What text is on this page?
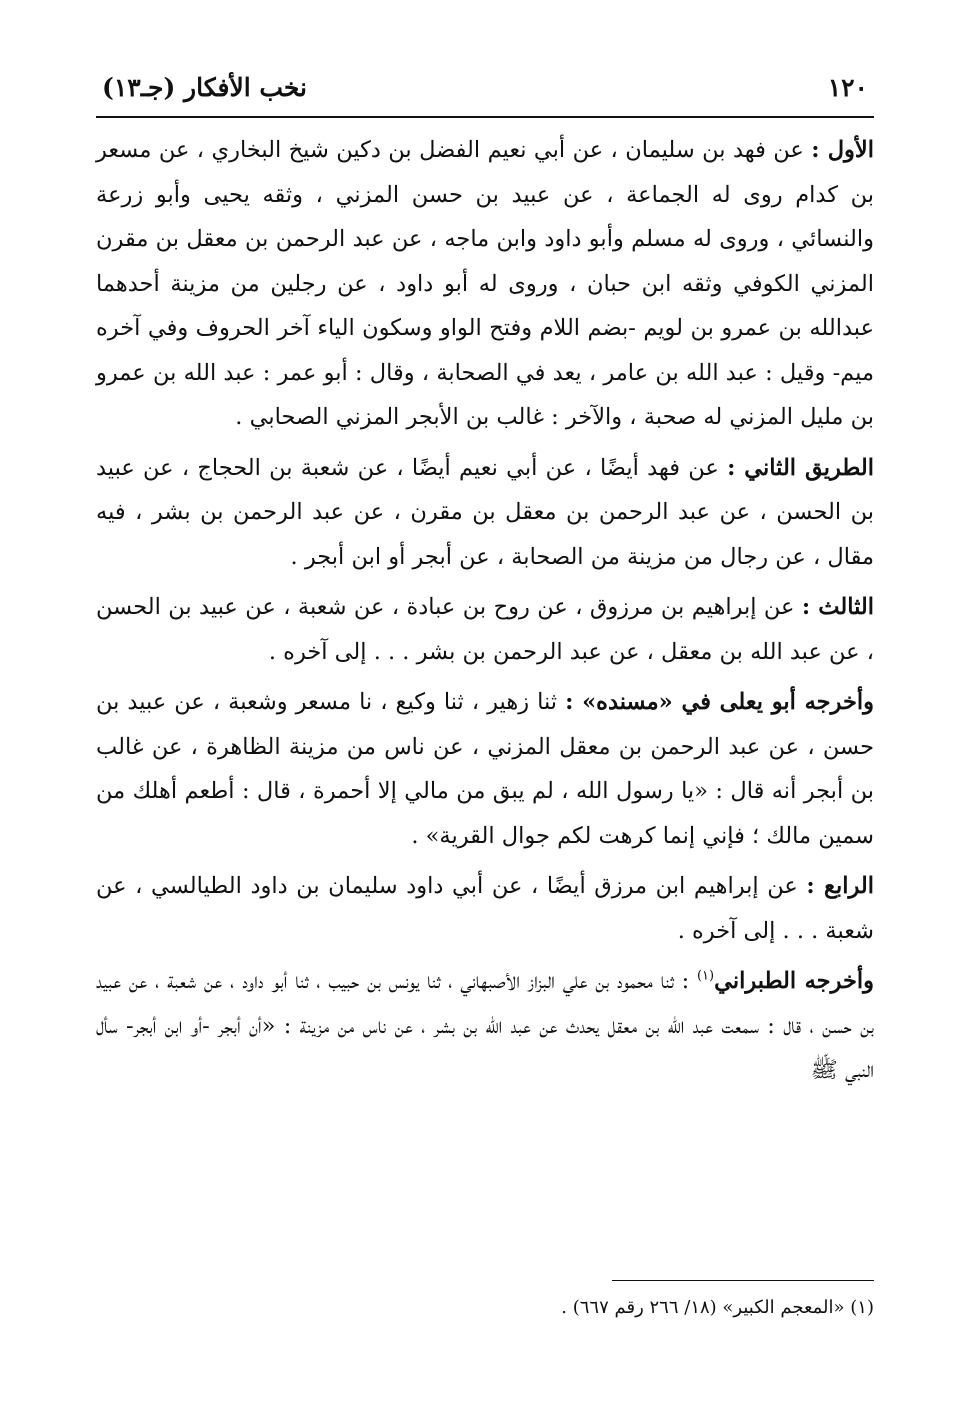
١٢٠
نخب الأفكار (جـ١٣)

الأول : عن فهد بن سليمان ، عن أبي نعيم الفضل بن دكين شيخ البخاري ، عن مسعر بن كدام روى له الجماعة ، عن عبيد بن حسن المزني ، وثقه يحيى وأبو زرعة والنسائي ، وروى له مسلم وأبو داود وابن ماجه ، عن عبد الرحمن بن معقل بن مقرن المزني الكوفي وثقه ابن حبان ، وروى له أبو داود ، عن رجلين من مزينة أحدهما عبدالله بن عمرو بن لويم -بضم اللام وفتح الواو وسكون الياء آخر الحروف وفي آخره ميم- وقيل : عبد الله بن عامر ، يعد في الصحابة ، وقال : أبو عمر : عبد الله بن عمرو بن مليل المزني له صحبة ، والآخر : غالب بن الأبجر المزني الصحابي .

الطريق الثاني : عن فهد أيضًا ، عن أبي نعيم أيضًا ، عن شعبة بن الحجاج ، عن عبيد بن الحسن ، عن عبد الرحمن بن معقل بن مقرن ، عن عبد الرحمن بن بشر ، فيه مقال ، عن رجال من مزينة من الصحابة ، عن أبجر أو ابن أبجر .

الثالث : عن إبراهيم بن مرزوق ، عن روح بن عبادة ، عن شعبة ، عن عبيد بن الحسن ، عن عبد الله بن معقل ، عن عبد الرحمن بن بشر . . . إلى آخره .

وأخرجه أبو يعلى في «مسنده» : ثنا زهير ، ثنا وكيع ، نا مسعر وشعبة ، عن عبيد بن حسن ، عن عبد الرحمن بن معقل المزني ، عن ناس من مزينة الظاهرة ، عن غالب بن أبجر أنه قال : «يا رسول الله ، لم يبق من مالي إلا أحمرة ، قال : أطعم أهلك من سمين مالك ؛ فإني إنما كرهت لكم جوال القرية» .

الرابع : عن إبراهيم ابن مرزق أيضًا ، عن أبي داود سليمان بن داود الطيالسي ، عن شعبة . . . إلى آخره .

وأخرجه الطبراني$^{(١)}$ : ثنا محمود بن علي البزاز الأصبهاني ، ثنا يونس بن حبيب ، ثنا أبو داود ، عن شعبة ، عن عبيد بن حسن ، قال : سمعت عبد الله بن معقل يحدث عن عبد الله بن بشر ، عن ناس من مزينة : «أن أبجر -أو ابن أبجر- سأل النبي ﷺ

(١) «المعجم الكبير» (١٨/ ٢٦٦ رقم ٦٦٧) .
